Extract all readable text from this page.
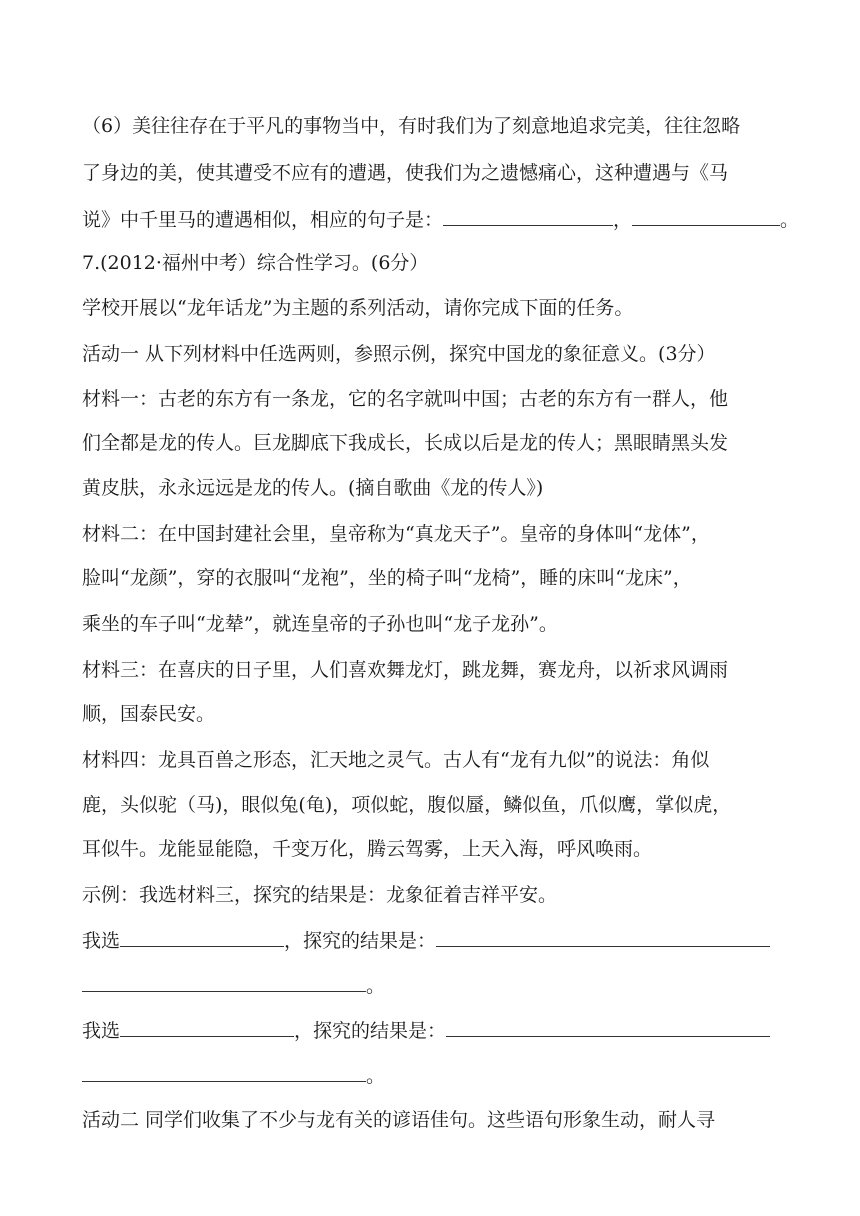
（6）美往往存在于平凡的事物当中，有时我们为了刻意地追求完美，往往忽略
了身边的美，使其遭受不应有的遭遇，使我们为之遗憾痛心，这种遭遇与《马
说》中千里马的遭遇相似，相应的句子是：	，	。
7.(2012·福州中考）综合性学习。(6分）
学校开展以“龙年话龙”为主题的系列活动，请你完成下面的任务。
活动一 从下列材料中任选两则，参照示例，探究中国龙的象征意义。(3分）
材料一：古老的东方有一条龙，它的名字就叫中国；古老的东方有一群人，他
们全都是龙的传人。巨龙脚底下我成长，长成以后是龙的传人；黑眼睛黑头发
黄皮肤，永永远远是龙的传人。(摘自歌曲《龙的传人》)
材料二：在中国封建社会里，皇帝称为“真龙天子”。皇帝的身体叫“龙体”，
脸叫“龙颜”，穿的衣服叫“龙袍”，坐的椅子叫“龙椅”，睡的床叫“龙床”，
乘坐的车子叫“龙辇”，就连皇帝的子孙也叫“龙子龙孙”。
材料三：在喜庆的日子里，人们喜欢舞龙灯，跳龙舞，赛龙舟，以祈求风调雨
顺，国泰民安。
材料四：龙具百兽之形态，汇天地之灵气。古人有“龙有九似”的说法：角似
鹿，头似驼（马)，眼似兔(龟)，项似蛇，腹似蜃，鳞似鱼，爪似鹰，掌似虎，
耳似牛。龙能显能隐，千变万化，腾云驾雾，上天入海，呼风唤雨。
示例：我选材料三，探究的结果是：龙象征着吉祥平安。
我选	，探究的结果是：
。
我选	，探究的结果是：
。
活动二 同学们收集了不少与龙有关的谚语佳句。这些语句形象生动，耐人寻
